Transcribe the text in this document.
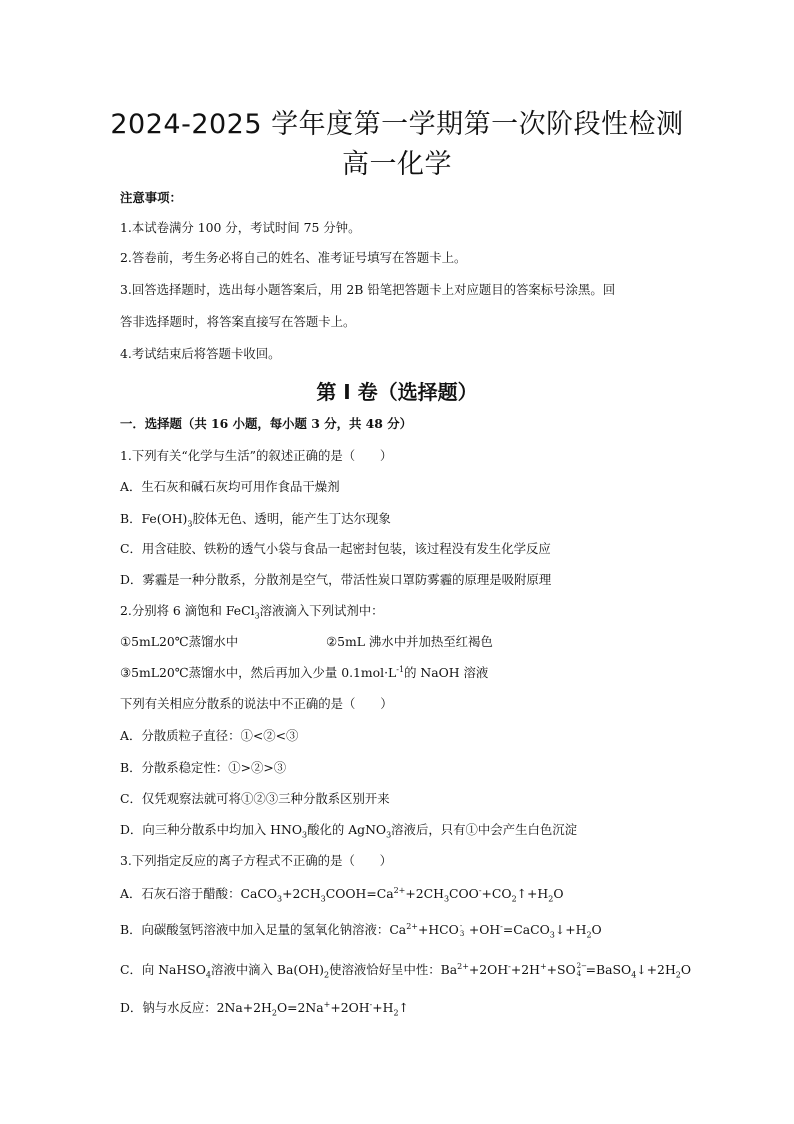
2024-2025 学年度第一学期第一次阶段性检测
高一化学
注意事项：
1.本试卷满分 100 分，考试时间 75 分钟。
2.答卷前，考生务必将自己的姓名、准考证号填写在答题卡上。
3.回答选择题时，选出每小题答案后，用 2B 铅笔把答题卡上对应题目的答案标号涂黑。回
答非选择题时，将答案直接写在答题卡上。
4.考试结束后将答题卡收回。
第 I 卷（选择题）
一．选择题（共 16 小题，每小题 3 分，共 48 分）
1.下列有关“化学与生活”的叙述正确的是（　　）
A．生石灰和碱石灰均可用作食品干燥剂
B．$Fe(OH)_3$胶体无色、透明，能产生丁达尔现象
C．用含硅胶、铁粉的透气小袋与食品一起密封包装，该过程没有发生化学反应
D．雾霾是一种分散系，分散剂是空气，带活性炭口罩防雾霾的原理是吸附原理
2.分别将 6 滴饱和 FeCl$_3$溶液滴入下列试剂中：
①5mL20℃蒸馏水中	②5mL 沸水中并加热至红褐色
③5mL20℃蒸馏水中，然后再加入少量 $0.1mol\cdot L^{-1}$的 NaOH 溶液
下列有关相应分散系的说法中不正确的是（　　）
A．分散质粒子直径：①<②<③
B．分散系稳定性：①>②>③
C．仅凭观察法就可将①②③三种分散系区别开来
D．向三种分散系中均加入 $HNO_3$酸化的 AgNO$_3$溶液后，只有①中会产生白色沉淀
3.下列指定反应的离子方程式不正确的是（　　）
A．石灰石溶于醋酸：$CaCO_3+2CH_3COOH=Ca^{2+}+2CH_3COO^-+CO_2↑+H_2O$
B．向碳酸氢钙溶液中加入足量的氢氧化钠溶液：$Ca^{2+}+HCO$ -
$3 +OH^-=CaCO_3↓+H_2O$
C．向 NaHSO$_4$溶液中滴入 $Ba(OH)_2$使溶液恰好呈中性：$Ba^{2+}+2OH^-+2H^++SO$ 2−
$4 =BaSO_4↓+2H_2O$
D．钠与水反应：$2Na+2H_2O=2Na^++2OH^-+H_2↑$
